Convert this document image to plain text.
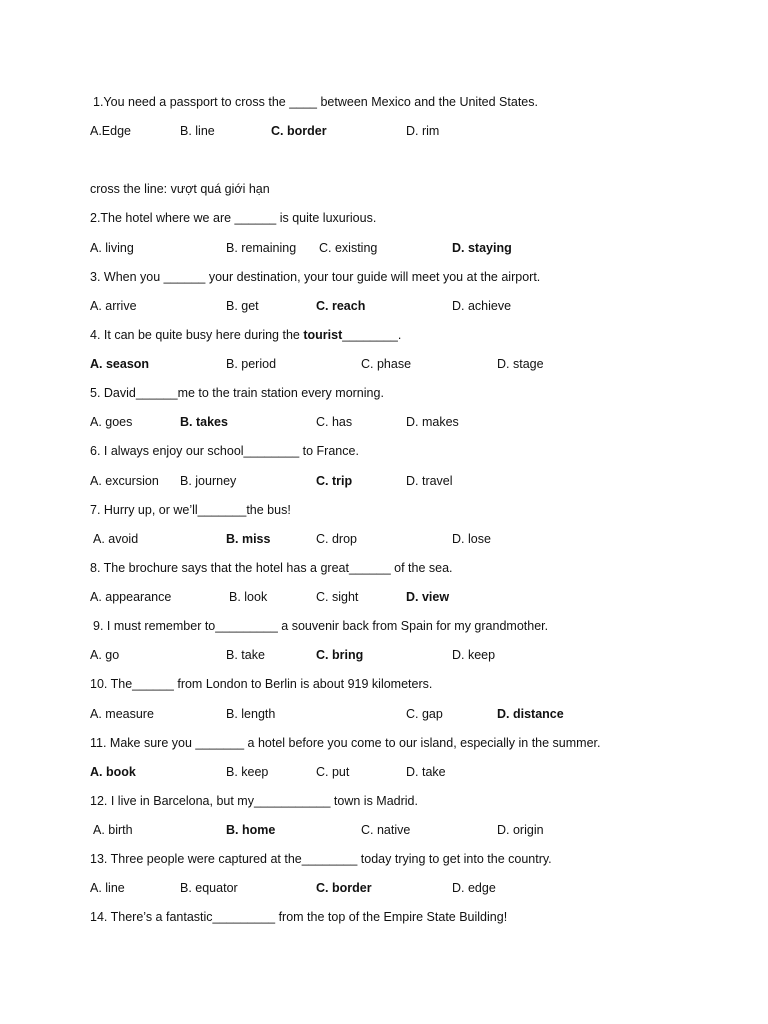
1.You need a passport to cross the ____ between Mexico and the United States.
A.Edge	B. line	C. border	D. rim
cross the line: vượt quá giới hạn
2.The hotel where we are ______ is quite luxurious.
A. living	B. remaining C. existing	D. staying
3. When you ______ your destination, your tour guide will meet you at the airport.
A. arrive	B. get	C. reach	D. achieve
4. It can be quite busy here during the tourist________.
A. season	B. period	C. phase	D. stage
5. David______me to the train station every morning.
A. goes	B. takes	C. has	D. makes
6. I always enjoy our school________ to France.
A. excursion B. journey	C. trip	D. travel
7. Hurry up, or we’ll_______the bus!
A. avoid	B. miss	C. drop	D. lose
8. The brochure says that the hotel has a great______ of the sea.
A. appearance	B. look	C. sight	D. view
9. I must remember to_________ a souvenir back from Spain for my grandmother.
A. go	B. take	C. bring	D. keep
10. The______ from London to Berlin is about 919 kilometers.
A. measure	B. length	C. gap	D. distance
11. Make sure you _______ a hotel before you come to our island, especially in the summer.
A. book	B. keep	C. put	D. take
12. I live in Barcelona, but my___________ town is Madrid.
A. birth	B. home	C. native	D. origin
13. Three people were captured at the________ today trying to get into the country.
A. line	B. equator	C. border	D. edge
14. There’s a fantastic_________ from the top of the Empire State Building!
